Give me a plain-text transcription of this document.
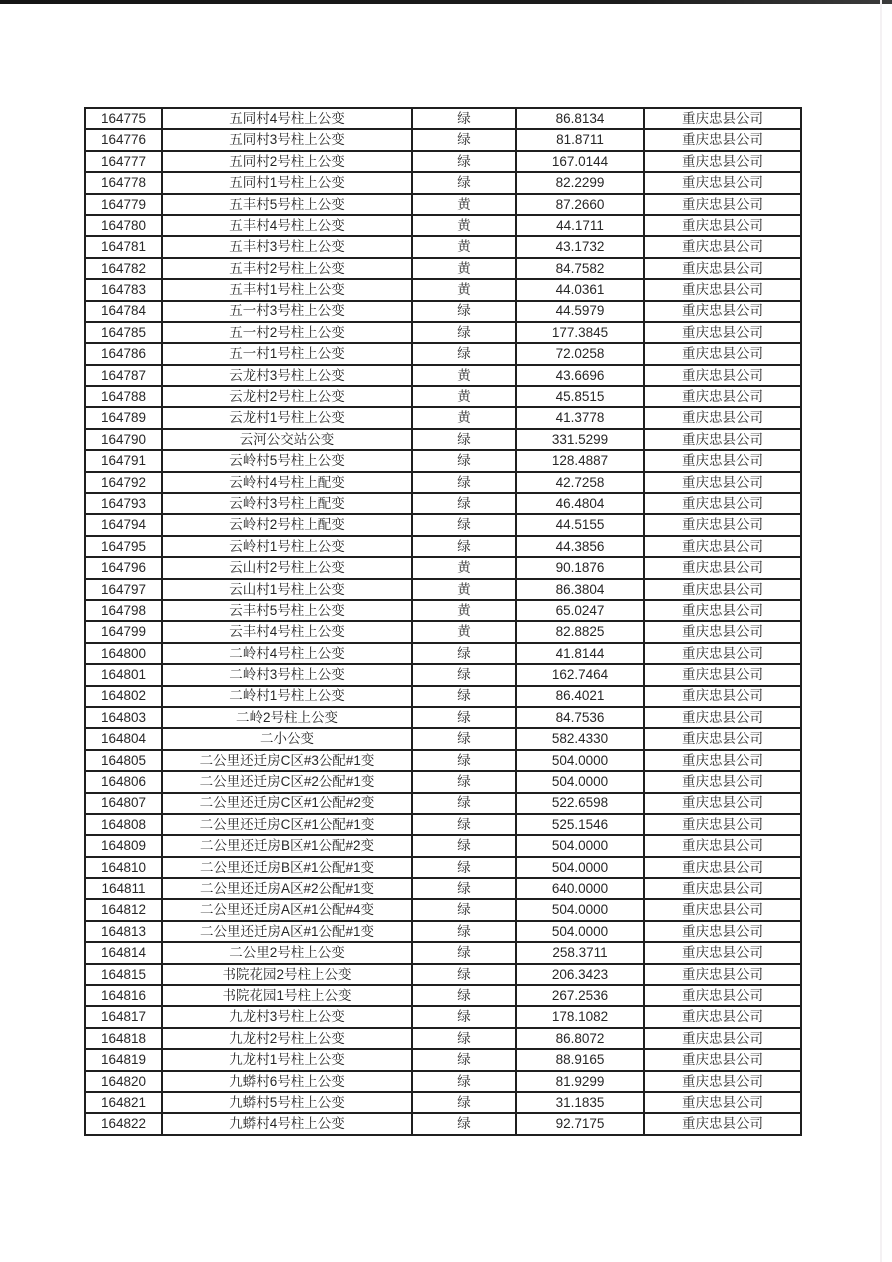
164775	五同村4号柱上公变	绿	86.8134	重庆忠县公司
164776	五同村3号柱上公变	绿	81.8711	重庆忠县公司
164777	五同村2号柱上公变	绿	167.0144	重庆忠县公司
164778	五同村1号柱上公变	绿	82.2299	重庆忠县公司
164779	五丰村5号柱上公变	黄	87.2660	重庆忠县公司
164780	五丰村4号柱上公变	黄	44.1711	重庆忠县公司
164781	五丰村3号柱上公变	黄	43.1732	重庆忠县公司
164782	五丰村2号柱上公变	黄	84.7582	重庆忠县公司
164783	五丰村1号柱上公变	黄	44.0361	重庆忠县公司
164784	五一村3号柱上公变	绿	44.5979	重庆忠县公司
164785	五一村2号柱上公变	绿	177.3845	重庆忠县公司
164786	五一村1号柱上公变	绿	72.0258	重庆忠县公司
164787	云龙村3号柱上公变	黄	43.6696	重庆忠县公司
164788	云龙村2号柱上公变	黄	45.8515	重庆忠县公司
164789	云龙村1号柱上公变	黄	41.3778	重庆忠县公司
164790	云河公交站公变	绿	331.5299	重庆忠县公司
164791	云岭村5号柱上公变	绿	128.4887	重庆忠县公司
164792	云岭村4号柱上配变	绿	42.7258	重庆忠县公司
164793	云岭村3号柱上配变	绿	46.4804	重庆忠县公司
164794	云岭村2号柱上配变	绿	44.5155	重庆忠县公司
164795	云岭村1号柱上公变	绿	44.3856	重庆忠县公司
164796	云山村2号柱上公变	黄	90.1876	重庆忠县公司
164797	云山村1号柱上公变	黄	86.3804	重庆忠县公司
164798	云丰村5号柱上公变	黄	65.0247	重庆忠县公司
164799	云丰村4号柱上公变	黄	82.8825	重庆忠县公司
164800	二岭村4号柱上公变	绿	41.8144	重庆忠县公司
164801	二岭村3号柱上公变	绿	162.7464	重庆忠县公司
164802	二岭村1号柱上公变	绿	86.4021	重庆忠县公司
164803	二岭2号柱上公变	绿	84.7536	重庆忠县公司
164804	二小公变	绿	582.4330	重庆忠县公司
164805	二公里还迁房C区#3公配#1变	绿	504.0000	重庆忠县公司
164806	二公里还迁房C区#2公配#1变	绿	504.0000	重庆忠县公司
164807	二公里还迁房C区#1公配#2变	绿	522.6598	重庆忠县公司
164808	二公里还迁房C区#1公配#1变	绿	525.1546	重庆忠县公司
164809	二公里还迁房B区#1公配#2变	绿	504.0000	重庆忠县公司
164810	二公里还迁房B区#1公配#1变	绿	504.0000	重庆忠县公司
164811	二公里还迁房A区#2公配#1变	绿	640.0000	重庆忠县公司
164812	二公里还迁房A区#1公配#4变	绿	504.0000	重庆忠县公司
164813	二公里还迁房A区#1公配#1变	绿	504.0000	重庆忠县公司
164814	二公里2号柱上公变	绿	258.3711	重庆忠县公司
164815	书院花园2号柱上公变	绿	206.3423	重庆忠县公司
164816	书院花园1号柱上公变	绿	267.2536	重庆忠县公司
164817	九龙村3号柱上公变	绿	178.1082	重庆忠县公司
164818	九龙村2号柱上公变	绿	86.8072	重庆忠县公司
164819	九龙村1号柱上公变	绿	88.9165	重庆忠县公司
164820	九蟒村6号柱上公变	绿	81.9299	重庆忠县公司
164821	九蟒村5号柱上公变	绿	31.1835	重庆忠县公司
164822	九蟒村4号柱上公变	绿	92.7175	重庆忠县公司
